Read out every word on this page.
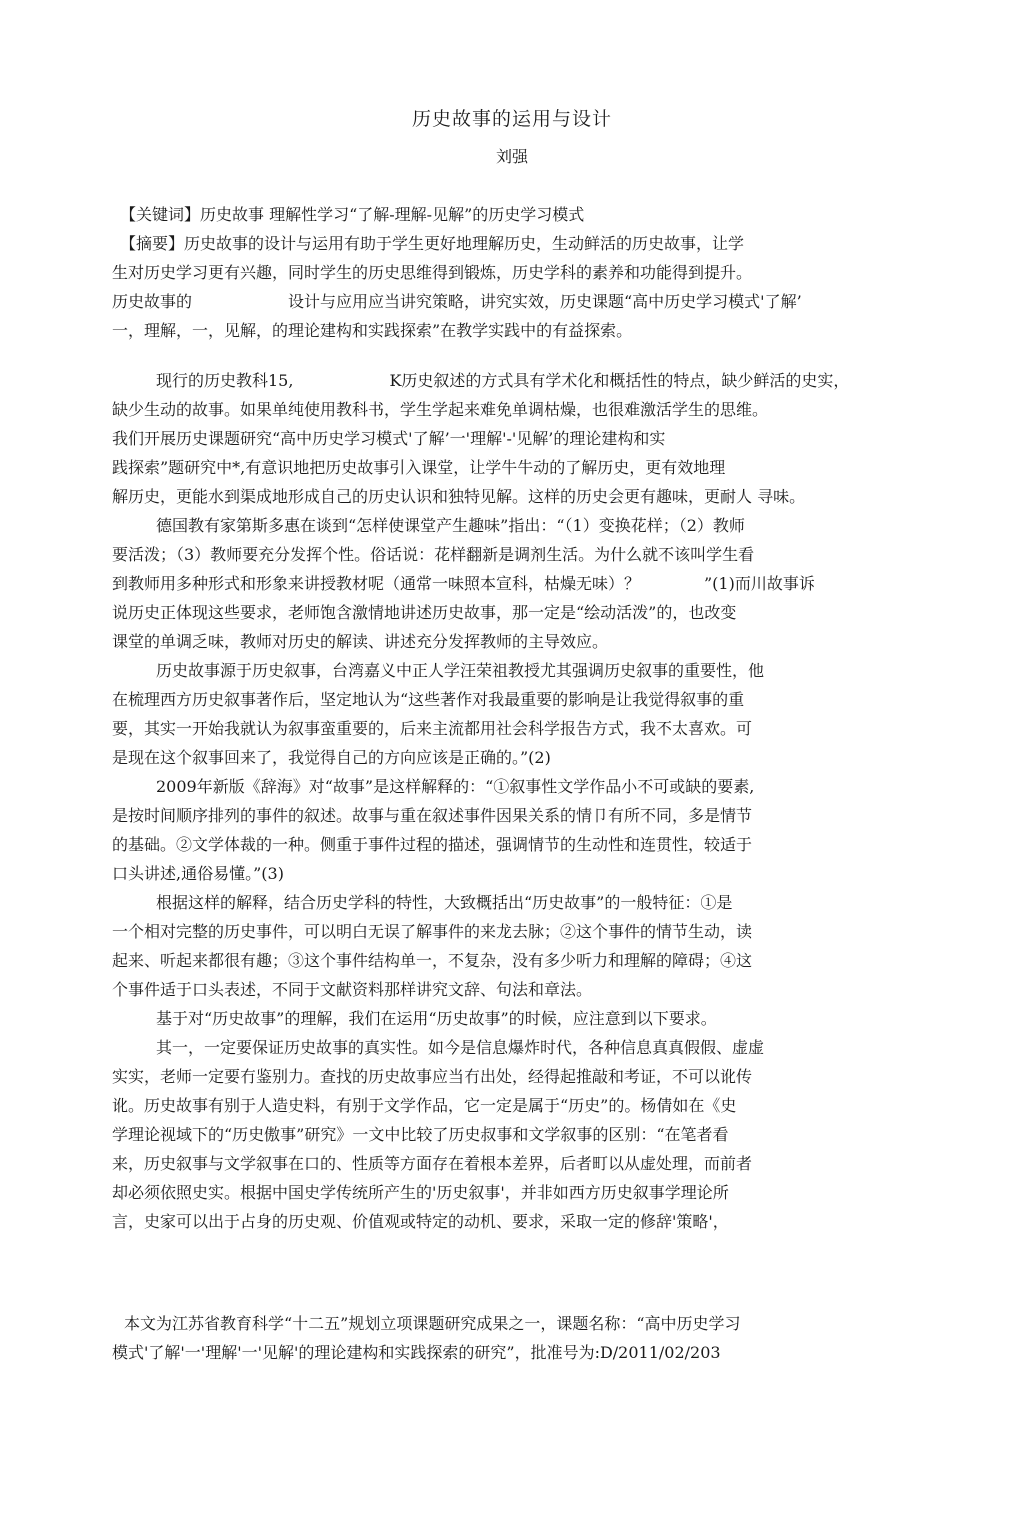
历史故事的运用与设计
刘强
【关键词】历史故事 理解性学习“了解-理解-见解”的历史学习模式
【摘要】历史故事的设计与运用有助于学生更好地理解历史，生动鲜活的历史故事，让学
生对历史学习更有兴趣，同时学生的历史思维得到锻炼，历史学科的素养和功能得到提升。
历史故事的　　　　　　设计与应用应当讲究策略，讲究实效，历史课题“高中历史学习模式'了解’
一，理解，一，见解，的理论建构和实践探索”在教学实践中的有益探索。
现行的历史教科15,　　　　　　K历史叙述的方式具有学术化和概括性的特点，缺少鲜活的史实，
缺少生动的故事。如果单纯使用教科书，学生学起来难免单调枯燥，也很难激活学生的思维。
我们开展历史课题研究“高中历史学习模式'了解’一'理解'-'见解’的理论建构和实
践探索”题研究中*,有意识地把历史故事引入课堂，让学牛牛动的了解历史，更有效地理
解历史，更能水到渠成地形成自己的历史认识和独特见解。这样的历史会更有趣味，更耐人 寻味。
德国教有家第斯多惠在谈到“怎样使课堂产生趣味”指出：“（1）变换花样；（2）教师
要活泼；（3）教师要充分发挥个性。俗话说：花样翻新是调剂生活。为什么就不该叫学生看
到教师用多种形式和形象来讲授教材呢（通常一味照本宣科，枯燥无味）？　　　　”(1)而川故事诉
说历史正体现这些要求，老师饱含激情地讲述历史故事，那一定是“绘动活泼”的，也改变
课堂的单调乏味，教师对历史的解读、讲述充分发挥教师的主导效应。
历史故事源于历史叙事，台湾嘉义中正人学汪荣祖教授尤其强调历史叙事的重要性，他
在梳理西方历史叙事著作后，坚定地认为“这些著作对我最重要的影响是让我觉得叙事的重
要，其实一开始我就认为叙事蛮重要的，后来主流都用社会科学报告方式，我不太喜欢。可
是现在这个叙事回来了，我觉得自己的方向应该是正确的。”(2)
2009年新版《辞海》对“故事”是这样解释的：“①叙事性文学作品小不可或缺的要素,
是按时间顺序排列的事件的叙述。故事与重在叙述事件因果关系的情卩有所不同，多是情节
的基础。②文学体裁的一种。侧重于事件过程的描述，强调情节的生动性和连贯性，较适于
口头讲述,通俗易懂。”(3)
根据这样的解释，结合历史学科的特性，大致概括出“历史故事”的一般特征：①是
一个相对完整的历史事件，可以明白无误了解事件的来龙去脉；②这个事件的情节生动，读
起来、听起来都很有趣；③这个事件结构单一，不复杂，没有多少听力和理解的障碍；④这
个事件适于口头表述，不同于文献资料那样讲究文辞、句法和章法。
基于对“历史故事”的理解，我们在运用“历史故事”的时候，应注意到以下要求。
其一，一定要保证历史故事的真实性。如今是信息爆炸时代，各种信息真真假假、虚虚
实实，老师一定要冇鉴别力。查找的历史故事应当冇出处，经得起推敲和考证，不可以讹传
讹。历史故事有别于人造史料，有别于文学作品，它一定是属于“历史”的。杨倩如在《史
学理论视域下的“历史傲事”研究》一文中比较了历史叔事和文学叙事的区别：“在笔者看
来，历史叙事与文学叙事在口的、性质等方面存在着根本差界，后者町以从虚处理，而前者
却必须依照史实。根据中国史学传统所产生的'历史叙事'，并非如西方历史叙事学理论所
言，史家可以出于占身的历史观、价值观或特定的动机、要求，采取一定的修辞'策略'，
本文为江苏省教育科学“十二五”规划立项课题研究成果之一，课题名称：“高中历史学习
模式'了解'一'理解'一'见解'的理论建构和实践探索的研究”，批准号为:D/2011/02/203
